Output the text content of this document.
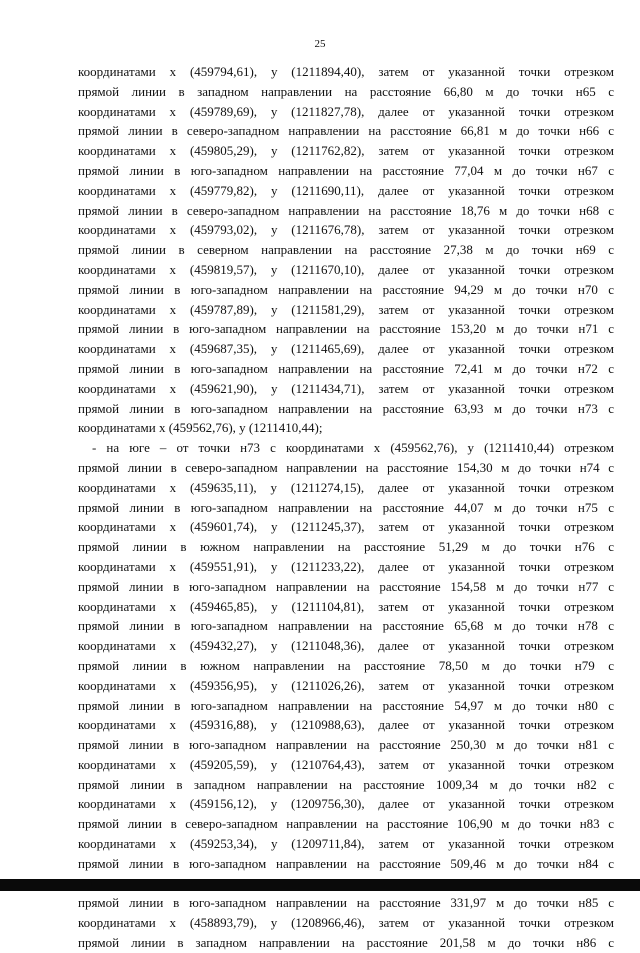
25
координатами х (459794,61), у (1211894,40), затем от указанной точки отрезком
прямой линии в западном направлении на расстояние 66,80 м до точки н65 с
координатами х (459789,69), у (1211827,78), далее от указанной точки отрезком
прямой линии в северо-западном направлении на расстояние 66,81 м до точки н66 с
координатами х (459805,29), у (1211762,82), затем от указанной точки отрезком
прямой линии в юго-западном направлении на расстояние 77,04 м до точки н67 с
координатами х (459779,82), у (1211690,11), далее от указанной точки отрезком
прямой линии в северо-западном направлении на расстояние 18,76 м до точки н68 с
координатами х (459793,02), у (1211676,78), затем от указанной точки отрезком
прямой линии в северном направлении на расстояние 27,38 м до точки н69 с
координатами х (459819,57), у (1211670,10), далее от указанной точки отрезком
прямой линии в юго-западном направлении на расстояние 94,29 м до точки н70 с
координатами х (459787,89), у (1211581,29), затем от указанной точки отрезком
прямой линии в юго-западном направлении на расстояние 153,20 м до точки н71 с
координатами х (459687,35), у (1211465,69), далее от указанной точки отрезком
прямой линии в юго-западном направлении на расстояние 72,41 м до точки н72 с
координатами х (459621,90), у (1211434,71), затем от указанной точки отрезком
прямой линии в юго-западном направлении на расстояние 63,93 м до точки н73 с
координатами х (459562,76), у (1211410,44);
- на юге – от точки н73 с координатами х (459562,76), у (1211410,44) отрезком
прямой линии в северо-западном направлении на расстояние 154,30 м до точки н74 с
координатами х (459635,11), у (1211274,15), далее от указанной точки отрезком
прямой линии в юго-западном направлении на расстояние 44,07 м до точки н75 с
координатами х (459601,74), у (1211245,37), затем от указанной точки отрезком
прямой линии в южном направлении на расстояние 51,29 м до точки н76 с
координатами х (459551,91), у (1211233,22), далее от указанной точки отрезком
прямой линии в юго-западном направлении на расстояние 154,58 м до точки н77 с
координатами х (459465,85), у (1211104,81), затем от указанной точки отрезком
прямой линии в юго-западном направлении на расстояние 65,68 м до точки н78 с
координатами х (459432,27), у (1211048,36), далее от указанной точки отрезком
прямой линии в южном направлении на расстояние 78,50 м до точки н79 с
координатами х (459356,95), у (1211026,26), затем от указанной точки отрезком
прямой линии в юго-западном направлении на расстояние 54,97 м до точки н80 с
координатами х (459316,88), у (1210988,63), далее от указанной точки отрезком
прямой линии в юго-западном направлении на расстояние 250,30 м до точки н81 с
координатами х (459205,59), у (1210764,43), затем от указанной точки отрезком
прямой линии в западном направлении на расстояние 1009,34 м до точки н82 с
координатами х (459156,12), у (1209756,30), далее от указанной точки отрезком
прямой линии в северо-западном направлении на расстояние 106,90 м до точки н83 с
координатами х (459253,34), у (1209711,84), затем от указанной точки отрезком
прямой линии в юго-западном направлении на расстояние 509,46 м до точки н84 с
прямой линии в юго-западном направлении на расстояние 331,97 м до точки н85 с
координатами х (458893,79), у (1208966,46), затем от указанной точки отрезком
прямой линии в западном направлении на расстояние 201,58 м до точки н86 с
